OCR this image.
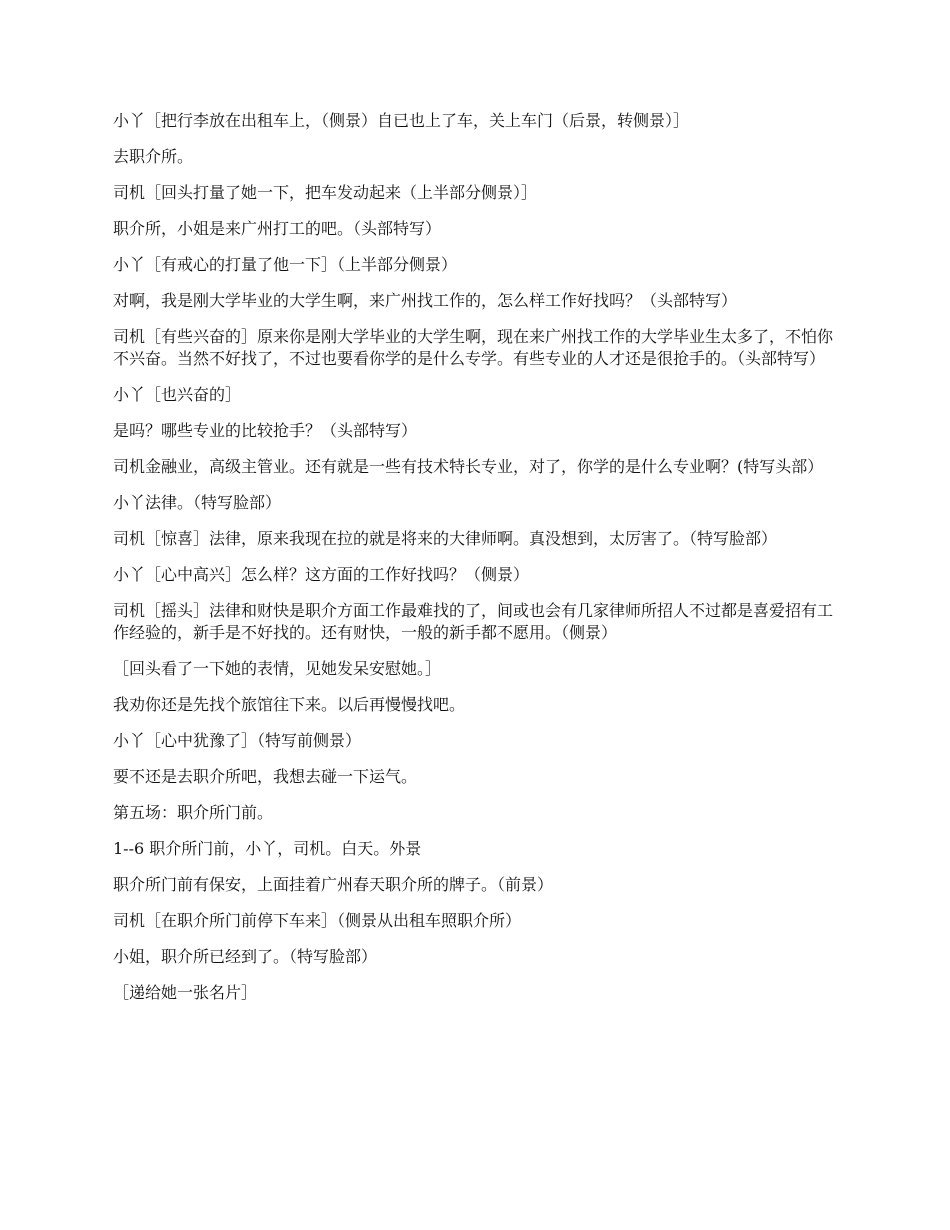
小丫［把行李放在出租车上，（侧景）自已也上了车，关上车门（后景，转侧景）］

去职介所。

司机［回头打量了她一下，把车发动起来（上半部分侧景）］

职介所，小姐是来广州打工的吧。（头部特写）

小丫［有戒心的打量了他一下］（上半部分侧景）

对啊，我是刚大学毕业的大学生啊，来广州找工作的，怎么样工作好找吗？（头部特写）

司机［有些兴奋的］原来你是刚大学毕业的大学生啊，现在来广州找工作的大学毕业生太多了，不怕你不兴奋。当然不好找了，不过也要看你学的是什么专学。有些专业的人才还是很抢手的。（头部特写）

小丫［也兴奋的］

是吗？哪些专业的比较抢手？（头部特写）

司机金融业，高级主管业。还有就是一些有技术特长专业，对了，你学的是什么专业啊？(特写头部）

小丫法律。（特写脸部）

司机［惊喜］法律，原来我现在拉的就是将来的大律师啊。真没想到，太厉害了。（特写脸部）

小丫［心中高兴］怎么样？这方面的工作好找吗？（侧景）

司机［摇头］法律和财快是职介方面工作最难找的了，间或也会有几家律师所招人不过都是喜爱招有工作经验的，新手是不好找的。还有财快，一般的新手都不愿用。（侧景）

［回头看了一下她的表情，见她发呆安慰她。］

我劝你还是先找个旅馆往下来。以后再慢慢找吧。

小丫［心中犹豫了］（特写前侧景）

要不还是去职介所吧，我想去碰一下运气。

第五场：职介所门前。

1--6 职介所门前，小丫，司机。白天。外景

职介所门前有保安，上面挂着广州春天职介所的牌子。（前景）

司机［在职介所门前停下车来］（侧景从出租车照职介所）

小姐，职介所已经到了。（特写脸部）

［递给她一张名片］
